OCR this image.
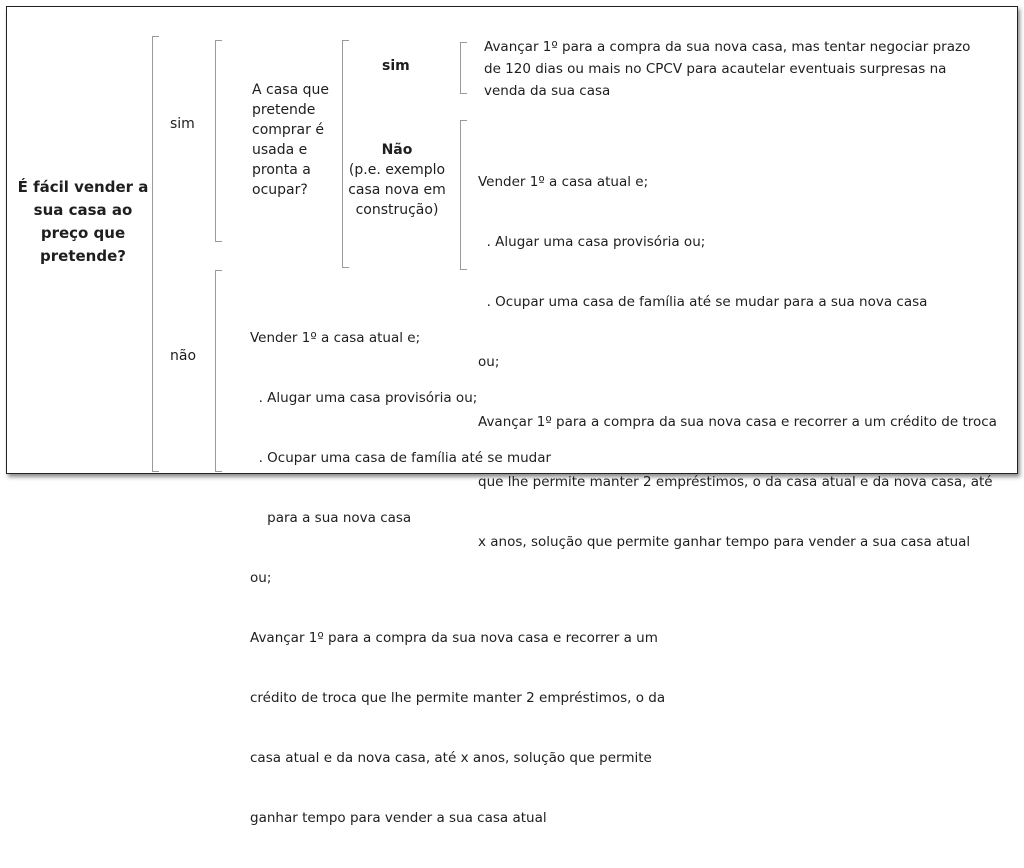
É fácil vender a
sua casa ao
preço que
pretende?
sim
não
A casa que
pretende
comprar é
usada e
pronta a
ocupar?
sim
Não
(p.e. exemplo
casa nova em
construção)
Avançar 1º para a compra da sua nova casa, mas tentar negociar prazo
de 120 dias ou mais no CPCV para acautelar eventuais surpresas na
venda da sua casa

Vender 1º a casa atual e;

. Alugar uma casa provisória ou;

. Ocupar uma casa de família até se mudar para a sua nova casa

ou;

Avançar 1º para a compra da sua nova casa e recorrer a um crédito de troca

que lhe permite manter 2 empréstimos, o da casa atual e da nova casa, até

x anos, solução que permite ganhar tempo para vender a sua casa atual

Vender 1º a casa atual e;

. Alugar uma casa provisória ou;

. Ocupar uma casa de família até se mudar

para a sua nova casa

ou;

Avançar 1º para a compra da sua nova casa e recorrer a um

crédito de troca que lhe permite manter 2 empréstimos, o da

casa atual e da nova casa, até x anos, solução que permite

ganhar tempo para vender a sua casa atual
